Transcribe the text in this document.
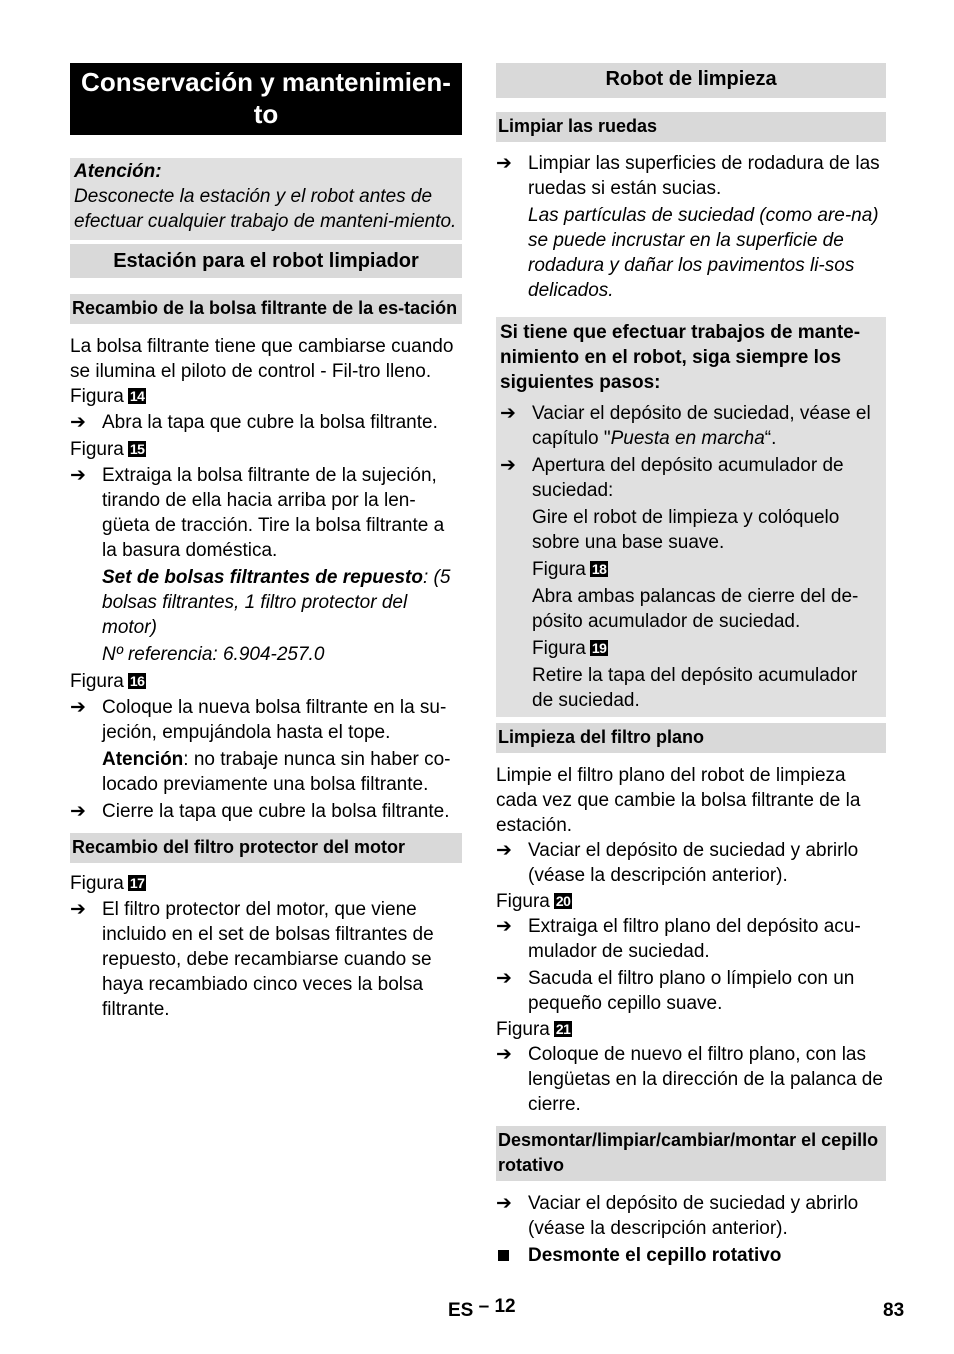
Conservación y mantenimien-to
Atención:
Desconecte la estación y el robot antes de efectuar cualquier trabajo de manteni-miento.
Estación para el robot limpiador
Recambio de la bolsa filtrante de la es-tación
La bolsa filtrante tiene que cambiarse cuando se ilumina el piloto de control - Fil-tro lleno.
Figura 14
➔ Abra la tapa que cubre la bolsa filtrante.
Figura 15
➔ Extraiga la bolsa filtrante de la sujeción, tirando de ella hacia arriba por la len-güeta de tracción. Tire la bolsa filtrante a la basura doméstica.
Set de bolsas filtrantes de repuesto: (5 bolsas filtrantes, 1 filtro protector del motor)
Nº referencia: 6.904-257.0
Figura 16
➔ Coloque la nueva bolsa filtrante en la su-jeción, empujándola hasta el tope.
Atención: no trabaje nunca sin haber co-locado previamente una bolsa filtrante.
➔ Cierre la tapa que cubre la bolsa filtrante.
Recambio del filtro protector del motor
Figura 17
➔ El filtro protector del motor, que viene incluido en el set de bolsas filtrantes de repuesto, debe recambiarse cuando se haya recambiado cinco veces la bolsa filtrante.
Robot de limpieza
Limpiar las ruedas
➔ Limpiar las superficies de rodadura de las ruedas si están sucias.
Las partículas de suciedad (como are-na) se puede incrustar en la superficie de rodadura y dañar los pavimentos li-sos delicados.
Si tiene que efectuar trabajos de mante-nimiento en el robot, siga siempre los siguientes pasos:
➔ Vaciar el depósito de suciedad, véase el capítulo "Puesta en marcha“.
➔ Apertura del depósito acumulador de suciedad:
Gire el robot de limpieza y colóquelo sobre una base suave.
Figura 18
Abra ambas palancas de cierre del de-pósito acumulador de suciedad.
Figura 19
Retire la tapa del depósito acumulador de suciedad.
Limpieza del filtro plano
Limpie el filtro plano del robot de limpieza cada vez que cambie la bolsa filtrante de la estación.
➔ Vaciar el depósito de suciedad y abrirlo (véase la descripción anterior).
Figura 20
➔ Extraiga el filtro plano del depósito acu-mulador de suciedad.
➔ Sacuda el filtro plano o límpielo con un pequeño cepillo suave.
Figura 21
➔ Coloque de nuevo el filtro plano, con las lengüetas en la dirección de la palanca de cierre.
Desmontar/limpiar/cambiar/montar el cepillo rotativo
➔ Vaciar el depósito de suciedad y abrirlo (véase la descripción anterior).
Desmonte el cepillo rotativo
ES – 12	83
